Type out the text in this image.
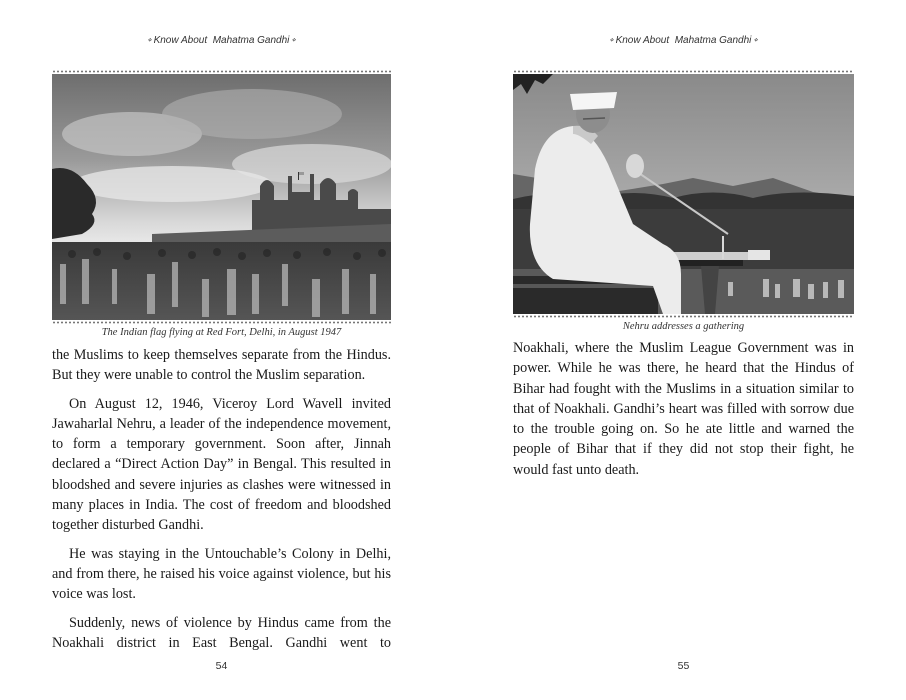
⋄ Know About  Mahatma Gandhi ⋄
The Indian flag flying at Red Fort, Delhi, in August 1947

the Muslims to keep themselves separate from the Hindus. But they were unable to control the Muslim separation.

On August 12, 1946, Viceroy Lord Wavell invited Jawaharlal Nehru, a leader of the independence movement, to form a temporary government. Soon after, Jinnah declared a “Direct Action Day” in Bengal. This resulted in bloodshed and severe injuries as clashes were witnessed in many places in India. The cost of freedom and bloodshed together disturbed Gandhi.

He was staying in the Untouchable’s Colony in Delhi, and from there, he raised his voice against violence, but his voice was lost.

Suddenly, news of violence by Hindus came from the Noakhali district in East Bengal. Gandhi went to

54
⋄ Know About  Mahatma Gandhi ⋄
Nehru addresses a gathering

Noakhali, where the Muslim League Government was in power. While he was there, he heard that the Hindus of Bihar had fought with the Muslims in a situation similar to that of Noakhali. Gandhi’s heart was filled with sorrow due to the trouble going on. So he ate little and warned the people of Bihar that if they did not stop their fight, he would fast unto death.

55
